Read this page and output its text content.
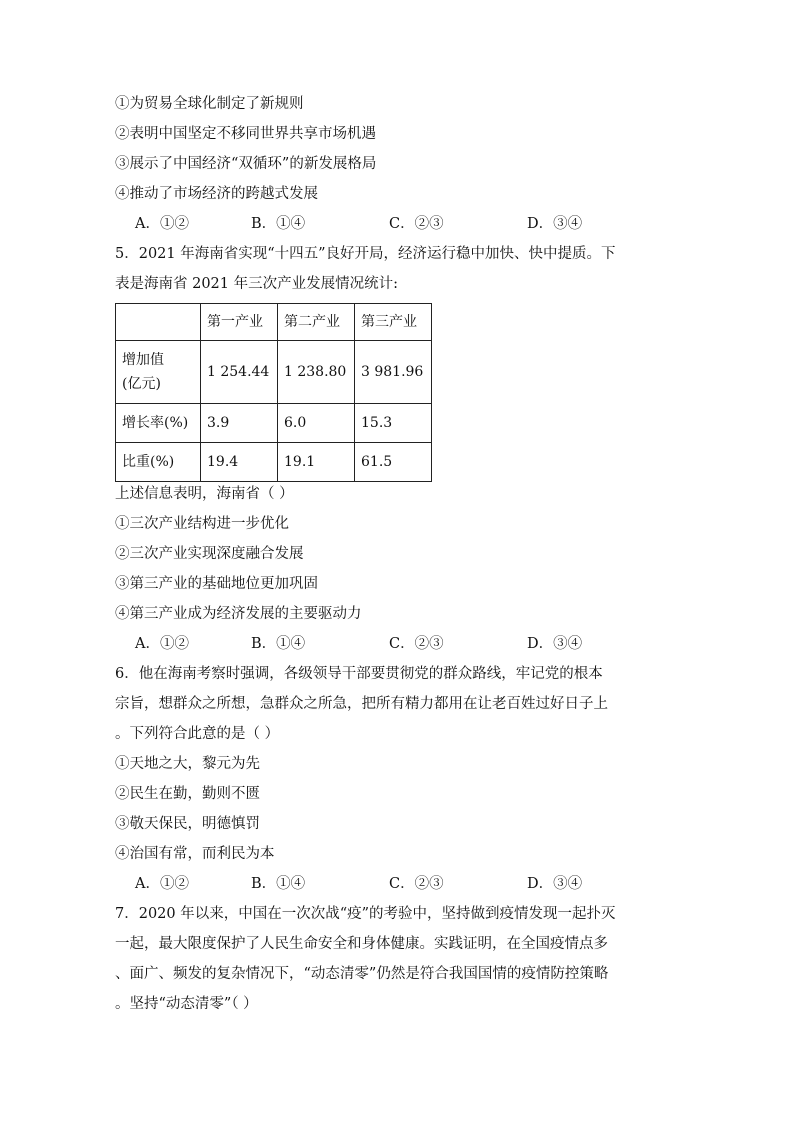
①为贸易全球化制定了新规则
②表明中国坚定不移同世界共享市场机遇
③展示了中国经济“双循环”的新发展格局
④推动了市场经济的跨越式发展
A．①②	B．①④	C．②③	D．③④
5．2021 年海南省实现“十四五”良好开局，经济运行稳中加快、快中提质。下
表是海南省 2021 年三次产业发展情况统计:
	第一产业	第二产业	第三产业
增加值
(亿元)	1 254.44	1 238.80	3 981.96
增长率(%)	3.9	6.0	15.3
比重(%)	19.4	19.1	61.5
上述信息表明，海南省（ ）
①三次产业结构进一步优化
②三次产业实现深度融合发展
③第三产业的基础地位更加巩固
④第三产业成为经济发展的主要驱动力
A．①②	B．①④	C．②③	D．③④
6．他在海南考察时强调，各级领导干部要贯彻党的群众路线，牢记党的根本
宗旨，想群众之所想，急群众之所急，把所有精力都用在让老百姓过好日子上
。下列符合此意的是（ ）
①天地之大，黎元为先
②民生在勤，勤则不匮
③敬天保民，明德慎罚
④治国有常，而利民为本
A．①②	B．①④	C．②③	D．③④
7．2020 年以来，中国在一次次战“疫”的考验中，坚持做到疫情发现一起扑灭
一起，最大限度保护了人民生命安全和身体健康。实践证明，在全国疫情点多
、面广、频发的复杂情况下，“动态清零”仍然是符合我国国情的疫情防控策略
。坚持“动态清零”（ ）
